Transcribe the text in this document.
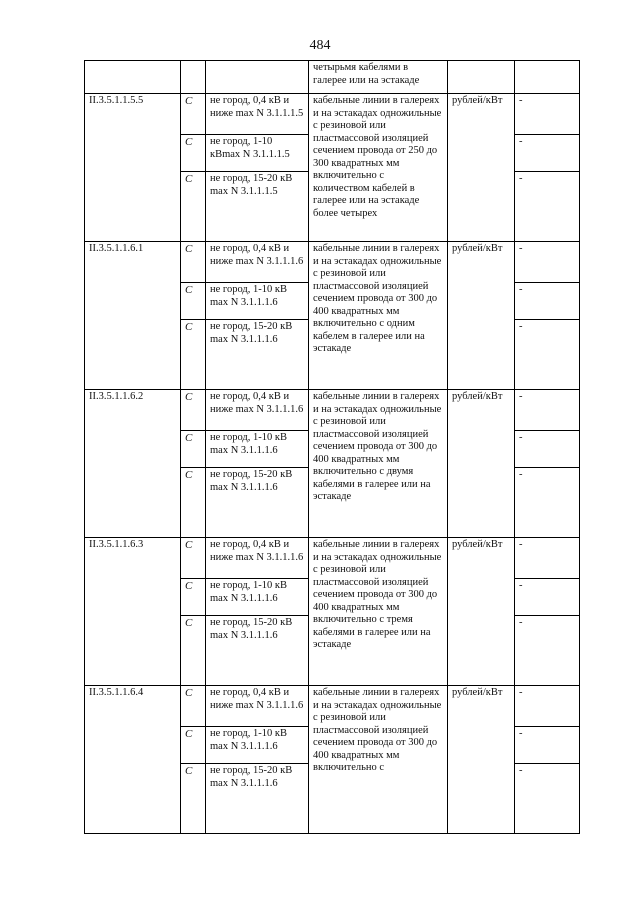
484
			четырьмя кабелями в галерее или на эстакаде		
II.3.5.1.1.5.5	С	не город, 0,4 кВ и ниже max N 3.1.1.1.5	кабельные линии в галереях и на эстакадах одножильные с резиновой или пластмассовой изоляцией сечением провода от 250 до 300 квадратных мм включительно с количеством кабелей в галерее или на эстакаде более четырех	рублей/кВт	-
	С	не город, 1-10 кВmax N 3.1.1.1.5			-
	С	не город, 15-20 кВ max N 3.1.1.1.5			-
II.3.5.1.1.6.1	С	не город, 0,4 кВ и ниже max N 3.1.1.1.6	кабельные линии в галереях и на эстакадах одножильные с резиновой или пластмассовой изоляцией сечением провода от 300 до 400 квадратных мм включительно с одним кабелем в галерее или на эстакаде	рублей/кВт	-
	С	не город, 1-10 кВ max N 3.1.1.1.6			-
	С	не город, 15-20 кВ max N 3.1.1.1.6			-
II.3.5.1.1.6.2	С	не город, 0,4 кВ и ниже max N 3.1.1.1.6	кабельные линии в галереях и на эстакадах одножильные с резиновой или пластмассовой изоляцией сечением провода от 300 до 400 квадратных мм включительно с двумя кабелями в галерее или на эстакаде	рублей/кВт	-
	С	не город, 1-10 кВ max N 3.1.1.1.6			-
	С	не город, 15-20 кВ max N 3.1.1.1.6			-
II.3.5.1.1.6.3	С	не город, 0,4 кВ и ниже max N 3.1.1.1.6	кабельные линии в галереях и на эстакадах одножильные с резиновой или пластмассовой изоляцией сечением провода от 300 до 400 квадратных мм включительно с тремя кабелями в галерее или на эстакаде	рублей/кВт	-
	С	не город, 1-10 кВ max N 3.1.1.1.6			-
	С	не город, 15-20 кВ max N 3.1.1.1.6			-
II.3.5.1.1.6.4	С	не город, 0,4 кВ и ниже max N 3.1.1.1.6	кабельные линии в галереях и на эстакадах одножильные с резиновой или пластмассовой изоляцией сечением провода от 300 до 400 квадратных мм включительно с	рублей/кВт	-
	С	не город, 1-10 кВ max N 3.1.1.1.6			-
	С	не город, 15-20 кВ max N 3.1.1.1.6			-
